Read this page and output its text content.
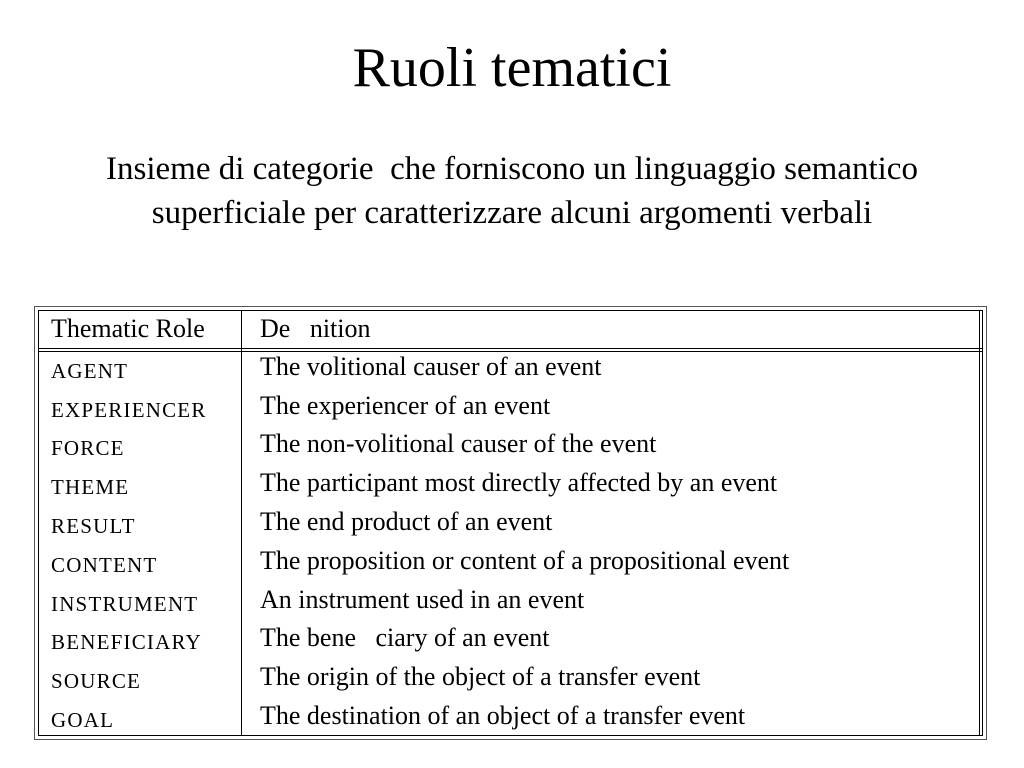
Ruoli tematici
Insieme di categorie  che forniscono un linguaggio semantico
superficiale per caratterizzare alcuni argomenti verbali
Thematic Role De   nition
AGENT	The volitional causer of an event
EXPERIENCER The experiencer of an event
FORCE	The non-volitional causer of the event
THEME	The participant most directly affected by an event
RESULT	The end product of an event
CONTENT	The proposition or content of a propositional event
INSTRUMENT An instrument used in an event
BENEFICIARY The bene   ciary of an event
SOURCE	The origin of the object of a transfer event
GOAL	The destination of an object of a transfer event
